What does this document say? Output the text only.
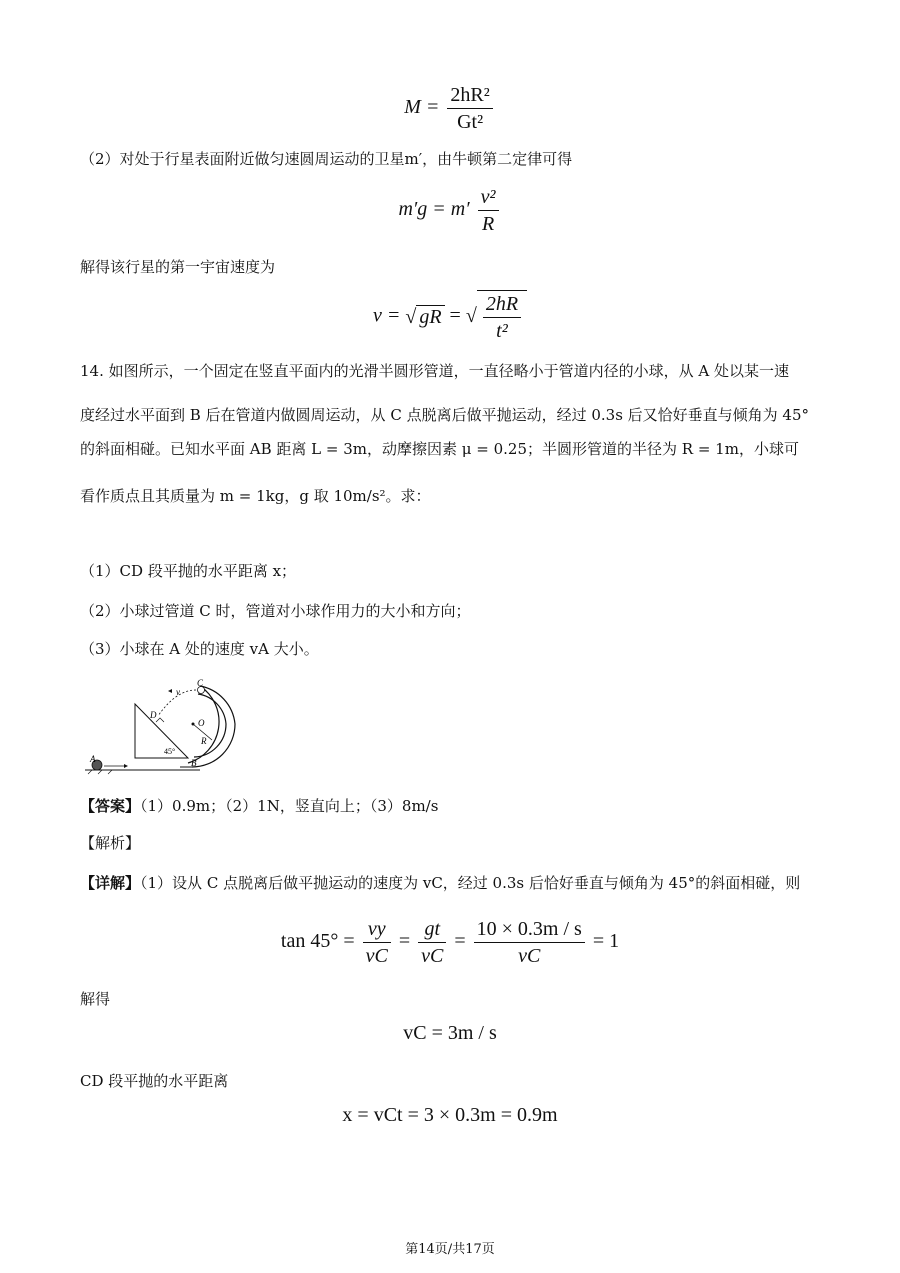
$M = \frac{\text{2hR²}}{\text{Gt²}}$
（2）对处于行星表面附近做匀速圆周运动的卫星m′，由牛顿第二定律可得
$m'g = m' \frac{\text{v²}}{R}$
解得该行星的第一宇宙速度为
v = √ gR = √ $\frac{2hR}{\text{t²}}$
14. 如图所示，一个固定在竖直平面内的光滑半圆形管道，一直径略小于管道内径的小球，从 A 处以某一速
度经过水平面到 B 后在管道内做圆周运动，从 C 点脱离后做平抛运动，经过 0.3s 后又恰好垂直与倾角为 45°
的斜面相碰。已知水平面 AB 距离 L = 3m，动摩擦因素 μ = 0.25；半圆形管道的半径为 R = 1m，小球可
看作质点且其质量为 m = 1kg，g 取 10m/s²。求：
（1）CD 段平抛的水平距离 x；
（2）小球过管道 C 时，管道对小球作用力的大小和方向；
（3）小球在 A 处的速度 vA 大小。
A	B
C
D
O
R
v
45°
【答案】（1）0.9m；（2）1N，竖直向上；（3）8m/s
【解析】
【详解】（1）设从 C 点脱离后做平抛运动的速度为 vC，经过 0.3s 后恰好垂直与倾角为 45°的斜面相碰，则
$\tan 45^\circ = \frac{vy}{vC} = \frac{gt}{vC} = \frac{10 \times 0.3m / s}{vC} = 1$
解得
vC = 3m / s
CD 段平抛的水平距离
x = vCt = 3 × 0.3m = 0.9m
第14页/共17页
